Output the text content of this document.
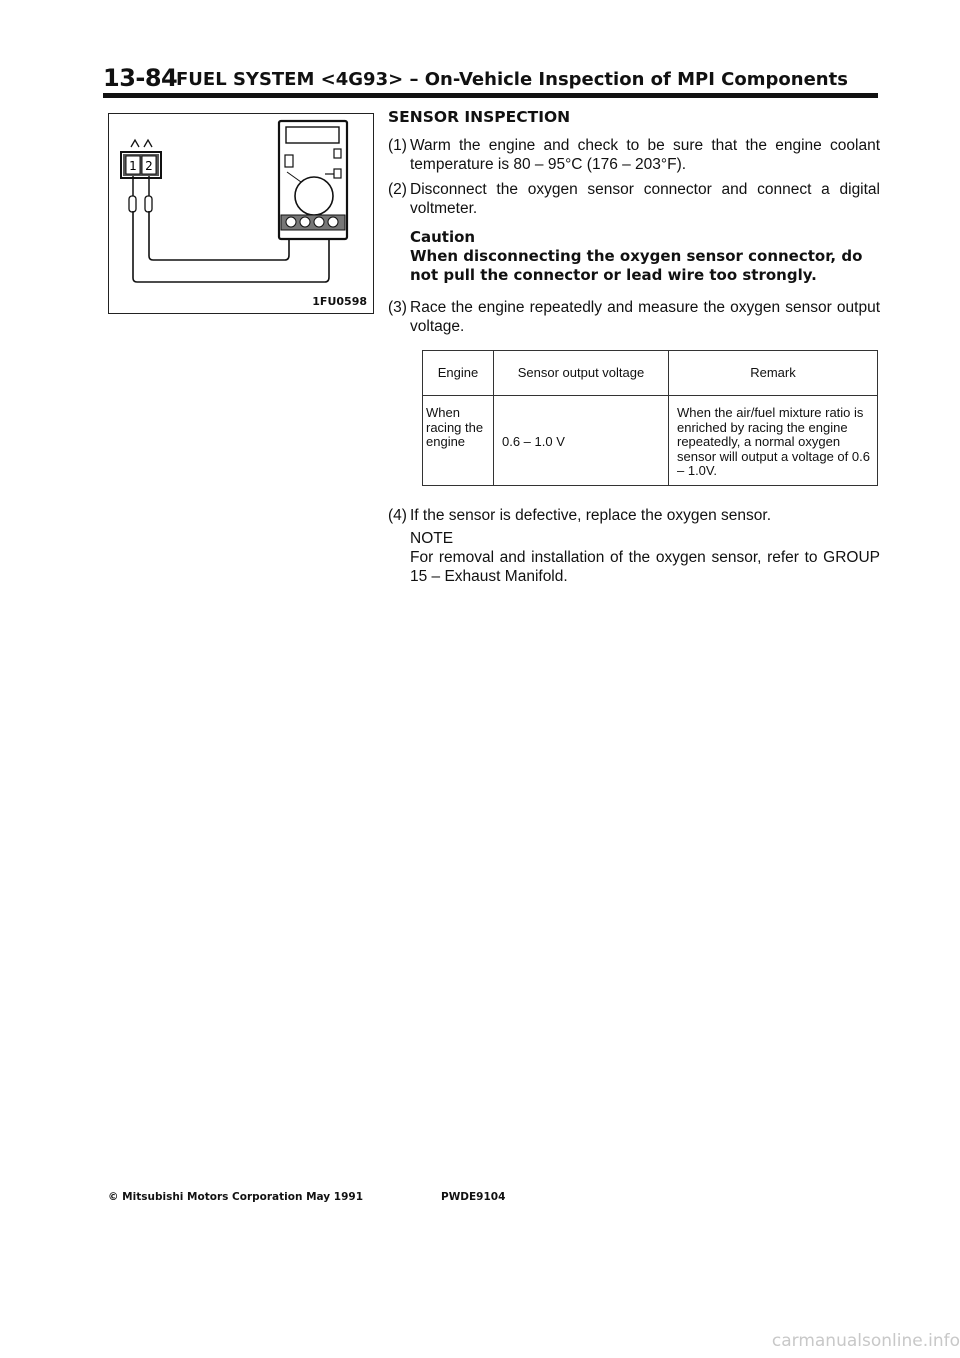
13-84
FUEL SYSTEM <4G93> – On-Vehicle Inspection of MPI Components
1 2
1FU0598
SENSOR INSPECTION
(1) Warm the engine and check to be sure that the engine coolant temperature is 80 – 95°C (176 – 203°F).
(2) Disconnect the oxygen sensor connector and connect a digital voltmeter.
Caution
When disconnecting the oxygen sensor connector, do not pull the connector or lead wire too strongly.
(3) Race the engine repeatedly and measure the oxygen sensor output voltage.
Engine	Sensor output voltage	Remark
When racing the engine	0.6 – 1.0 V	When the air/fuel mixture ratio is enriched by racing the engine repeatedly, a normal oxygen sensor will output a voltage of 0.6 – 1.0V.
(4) If the sensor is defective, replace the oxygen sensor.
NOTE
For removal and installation of the oxygen sensor, refer to GROUP 15 – Exhaust Manifold.
© Mitsubishi Motors Corporation May 1991	PWDE9104
carmanualsonline.info
